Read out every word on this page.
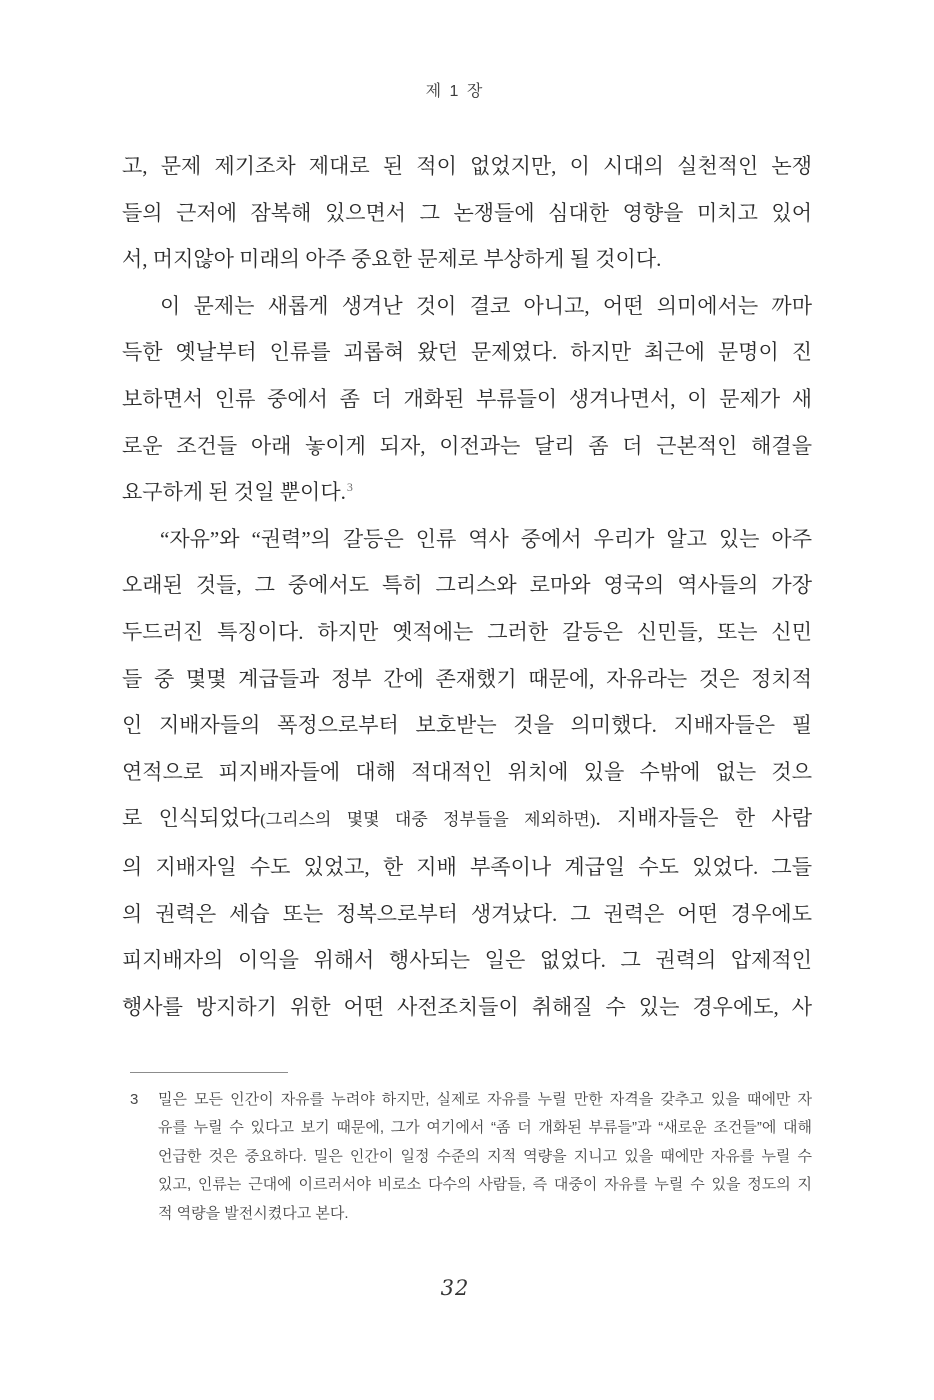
제 1 장
고, 문제 제기조차 제대로 된 적이 없었지만, 이 시대의 실천적인 논쟁
들의 근저에 잠복해 있으면서 그 논쟁들에 심대한 영향을 미치고 있어
서, 머지않아 미래의 아주 중요한 문제로 부상하게 될 것이다.
이 문제는 새롭게 생겨난 것이 결코 아니고, 어떤 의미에서는 까마
득한 옛날부터 인류를 괴롭혀 왔던 문제였다. 하지만 최근에 문명이 진
보하면서 인류 중에서 좀 더 개화된 부류들이 생겨나면서, 이 문제가 새
로운 조건들 아래 놓이게 되자, 이전과는 달리 좀 더 근본적인 해결을
요구하게 된 것일 뿐이다.$^3$
“자유”와 “권력”의 갈등은 인류 역사 중에서 우리가 알고 있는 아주
오래된 것들, 그 중에서도 특히 그리스와 로마와 영국의 역사들의 가장
두드러진 특징이다. 하지만 옛적에는 그러한 갈등은 신민들, 또는 신민
들 중 몇몇 계급들과 정부 간에 존재했기 때문에, 자유라는 것은 정치적
인 지배자들의 폭정으로부터 보호받는 것을 의미했다. 지배자들은 필
연적으로 피지배자들에 대해 적대적인 위치에 있을 수밖에 없는 것으
로 인식되었다(그리스의 몇몇 대중 정부들을 제외하면). 지배자들은 한 사람
의 지배자일 수도 있었고, 한 지배 부족이나 계급일 수도 있었다. 그들
의 권력은 세습 또는 정복으로부터 생겨났다. 그 권력은 어떤 경우에도
피지배자의 이익을 위해서 행사되는 일은 없었다. 그 권력의 압제적인
행사를 방지하기 위한 어떤 사전조치들이 취해질 수 있는 경우에도, 사
3	밀은 모든 인간이 자유를 누려야 하지만, 실제로 자유를 누릴 만한 자격을 갖추고 있을 때에만 자
유를 누릴 수 있다고 보기 때문에, 그가 여기에서 “좀 더 개화된 부류들”과 “새로운 조건들”에 대해
언급한 것은 중요하다. 밀은 인간이 일정 수준의 지적 역량을 지니고 있을 때에만 자유를 누릴 수
있고, 인류는 근대에 이르러서야 비로소 다수의 사람들, 즉 대중이 자유를 누릴 수 있을 정도의 지
적 역량을 발전시켰다고 본다.
32
